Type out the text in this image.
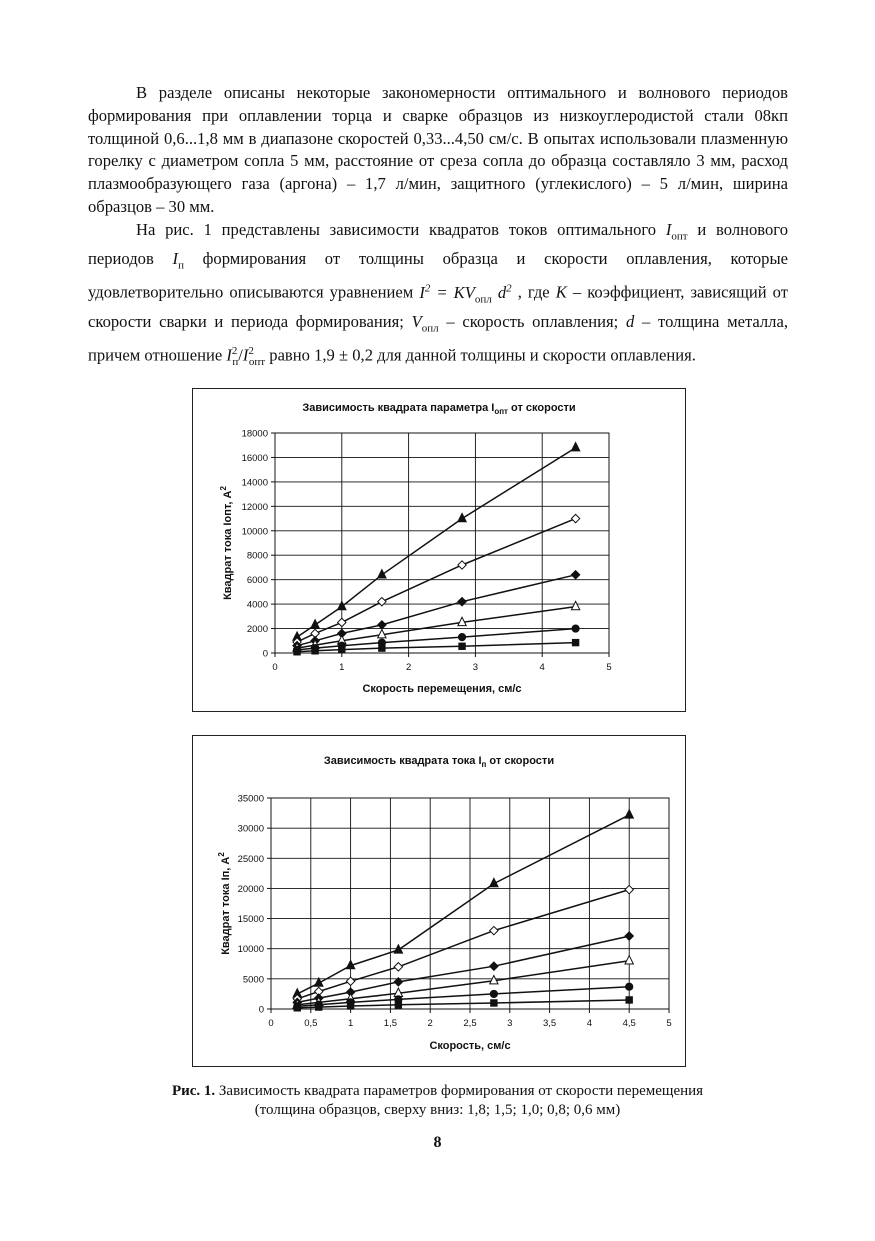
В разделе описаны некоторые закономерности оптимального и волнового периодов формирования при оплавлении торца и сварке образцов из низкоуглеродистой стали 08кп толщиной 0,6...1,8 мм в диапазоне скоростей 0,33...4,50 см/с. В опытах использовали плазменную горелку с диаметром сопла 5 мм, расстояние от среза сопла до образца составляло 3 мм, расход плазмообразующего газа (аргона) – 1,7 л/мин, защитного (углекислого) – 5 л/мин, ширина образцов – 30 мм.

На рис. 1 представлены зависимости квадратов токов оптимального $I_{опт}$ и волнового периодов $I_п$ формирования от толщины образца и скорости оплавления, которые удовлетворительно описываются уравнением $I^2 = KV_{опл}$ $d^2$ , где K – коэффициент, зависящий от скорости сварки и периода формирования; $V_{опл}$ – скорость оплавления; d – толщина металла, причем отношение $I^2_п/I^2_{опт}$ равно 1,9 ± 0,2 для данной толщины и скорости оплавления.

Зависимость квадрата параметра $I_{опт}$ от скорости
0
2000
4000
6000
8000
10000
12000
14000
16000
18000
0	1	2	3	4	5
Скорость перемещения, см/с
Квадрат тока Iопт, $А^2$
Зависимость квадрата тока $I_п$ от скорости
0
5000
10000
15000
20000
25000
30000
35000
0	0,5	1	1,5	2	2,5	3	3,5	4	4,5	5
Скорость, см/с
Квадрат тока Iп, $А^2$

Рис. 1. Зависимость квадрата параметров формирования от скорости перемещения
(толщина образцов, сверху вниз: 1,8; 1,5; 1,0; 0,8; 0,6 мм)

8
